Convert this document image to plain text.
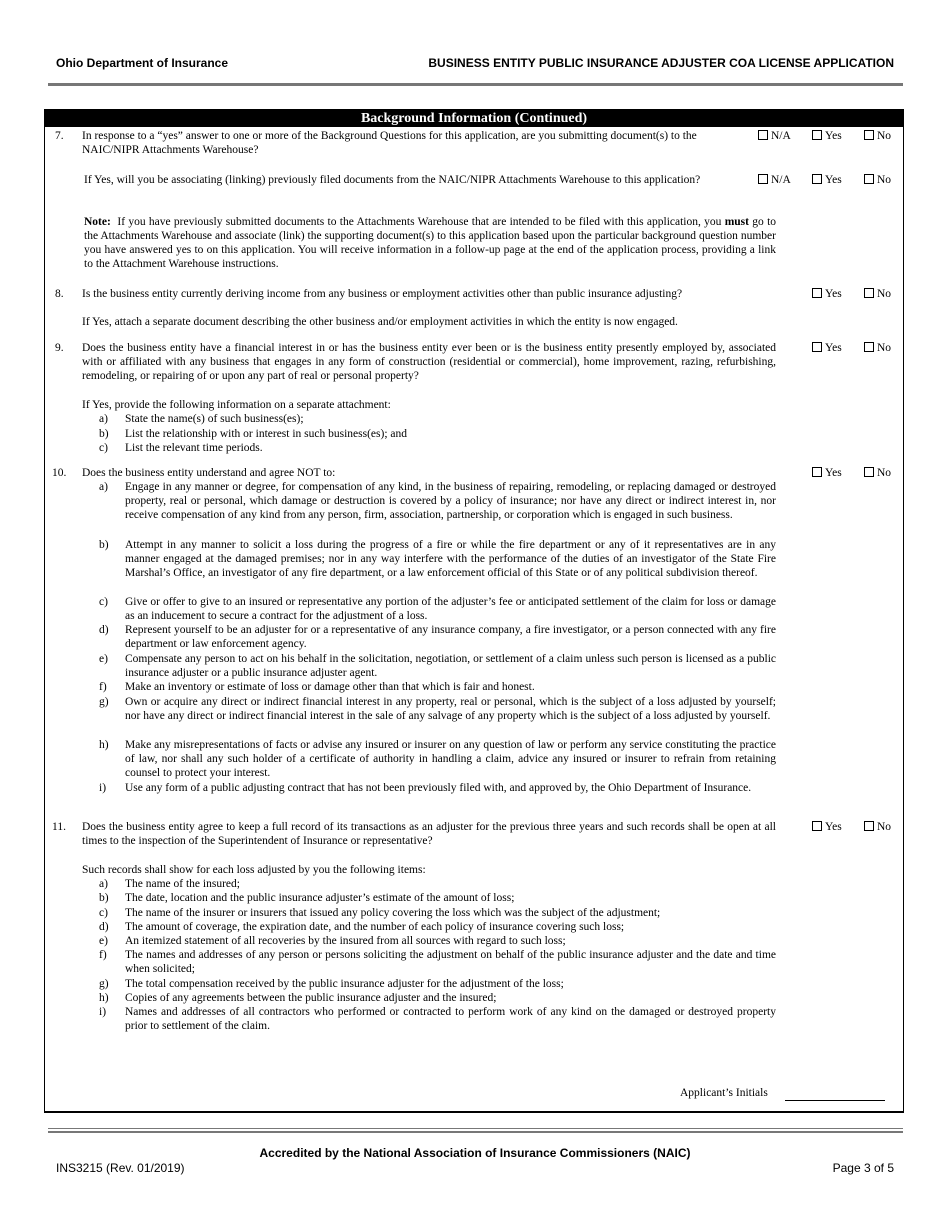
Ohio Department of Insurance	BUSINESS ENTITY PUBLIC INSURANCE ADJUSTER COA LICENSE APPLICATION
Background Information (Continued)
7. In response to a “yes” answer to one or more of the Background Questions for this application, are you submitting document(s) to the NAIC/NIPR Attachments Warehouse?
N/A	Yes	No
If Yes, will you be associating (linking) previously filed documents from the NAIC/NIPR Attachments Warehouse to this application?	N/A	Yes	No
Note: If you have previously submitted documents to the Attachments Warehouse that are intended to be filed with this application, you must go to the Attachments Warehouse and associate (link) the supporting document(s) to this application based upon the particular background question number you have answered yes to on this application. You will receive information in a follow-up page at the end of the application process, providing a link to the Attachment Warehouse instructions.
8. Is the business entity currently deriving income from any business or employment activities other than public insurance adjusting?	Yes	No
If Yes, attach a separate document describing the other business and/or employment activities in which the entity is now engaged.
9. Does the business entity have a financial interest in or has the business entity ever been or is the business entity presently employed by, associated with or affiliated with any business that engages in any form of construction (residential or commercial), home improvement, razing, refurbishing, remodeling, or repairing of or upon any part of real or personal property?
Yes	No
If Yes, provide the following information on a separate attachment:
a) State the name(s) of such business(es);
b) List the relationship with or interest in such business(es); and
c) List the relevant time periods.
10. Does the business entity understand and agree NOT to:	Yes	No
a) Engage in any manner or degree, for compensation of any kind, in the business of repairing, remodeling, or replacing damaged or destroyed property, real or personal, which damage or destruction is covered by a policy of insurance; nor have any direct or indirect interest in, nor receive compensation of any kind from any person, firm, association, partnership, or corporation which is engaged in such business.
b) Attempt in any manner to solicit a loss during the progress of a fire or while the fire department or any of it representatives are in any manner engaged at the damaged premises; nor in any way interfere with the performance of the duties of an investigator of the State Fire Marshal’s Office, an investigator of any fire department, or a law enforcement official of this State or of any political subdivision thereof.
c) Give or offer to give to an insured or representative any portion of the adjuster’s fee or anticipated settlement of the claim for loss or damage as an inducement to secure a contract for the adjustment of a loss.
d) Represent yourself to be an adjuster for or a representative of any insurance company, a fire investigator, or a person connected with any fire department or law enforcement agency.
e) Compensate any person to act on his behalf in the solicitation, negotiation, or settlement of a claim unless such person is licensed as a public insurance adjuster or a public insurance adjuster agent.
f) Make an inventory or estimate of loss or damage other than that which is fair and honest.
g) Own or acquire any direct or indirect financial interest in any property, real or personal, which is the subject of a loss adjusted by yourself; nor have any direct or indirect financial interest in the sale of any salvage of any property which is the subject of a loss adjusted by yourself.
h) Make any misrepresentations of facts or advise any insured or insurer on any question of law or perform any service constituting the practice of law, nor shall any such holder of a certificate of authority in handling a claim, advice any insured or insurer to refrain from retaining counsel to protect your interest.
i) Use any form of a public adjusting contract that has not been previously filed with, and approved by, the Ohio Department of Insurance.
11. Does the business entity agree to keep a full record of its transactions as an adjuster for the previous three years and such records shall be open at all times to the inspection of the Superintendent of Insurance or representative?
Yes	No
Such records shall show for each loss adjusted by you the following items:
a) The name of the insured;
b) The date, location and the public insurance adjuster’s estimate of the amount of loss;
c) The name of the insurer or insurers that issued any policy covering the loss which was the subject of the adjustment;
d) The amount of coverage, the expiration date, and the number of each policy of insurance covering such loss;
e) An itemized statement of all recoveries by the insured from all sources with regard to such loss;
f) The names and addresses of any person or persons soliciting the adjustment on behalf of the public insurance adjuster and the date and time when solicited;
g) The total compensation received by the public insurance adjuster for the adjustment of the loss;
h) Copies of any agreements between the public insurance adjuster and the insured;
i) Names and addresses of all contractors who performed or contracted to perform work of any kind on the damaged or destroyed property prior to settlement of the claim.
Applicant’s Initials
Accredited by the National Association of Insurance Commissioners (NAIC)
INS3215 (Rev. 01/2019)	Page 3 of 5
